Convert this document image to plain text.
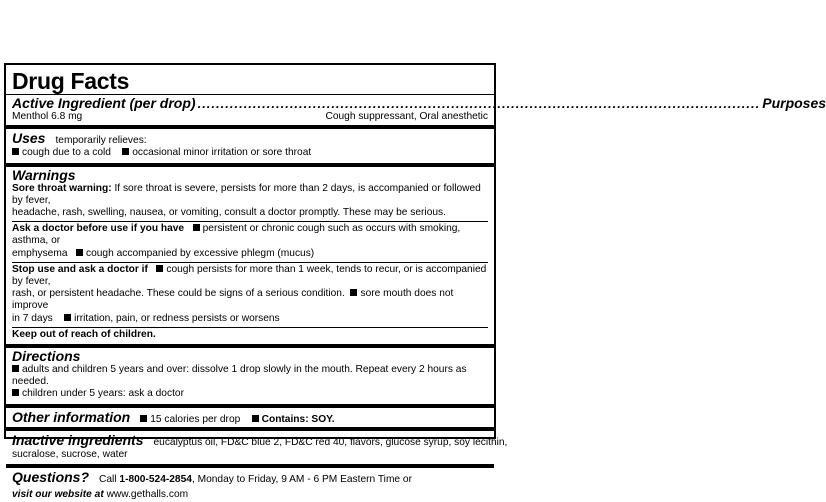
Drug Facts
Active Ingredient (per drop) .......................................................................................................................... Purposes
Menthol 6.8 mg	Cough suppressant, Oral anesthetic
Uses temporarily relieves:
cough due to a cold occasional minor irritation or sore throat
Warnings
Sore throat warning: If sore throat is severe, persists for more than 2 days, is accompanied or followed by fever,
headache, rash, swelling, nausea, or vomiting, consult a doctor promptly. These may be serious.
Ask a doctor before use if you have persistent or chronic cough such as occurs with smoking, asthma, or
emphysema cough accompanied by excessive phlegm (mucus)
Stop use and ask a doctor if cough persists for more than 1 week, tends to recur, or is accompanied by fever,
rash, or persistent headache. These could be signs of a serious condition. sore mouth does not improve
in 7 days irritation, pain, or redness persists or worsens
Keep out of reach of children.
Directions
adults and children 5 years and over: dissolve 1 drop slowly in the mouth. Repeat every 2 hours as needed.
children under 5 years: ask a doctor
Other information	15 calories per drop Contains: SOY.
Inactive ingredients eucalyptus oil, FD&C blue 2, FD&C red 40, flavors, glucose syrup, soy lecithin,
sucralose, sucrose, water
Questions? Call 1-800-524-2854, Monday to Friday, 9 AM - 6 PM Eastern Time or
visit our website at www.gethalls.com
